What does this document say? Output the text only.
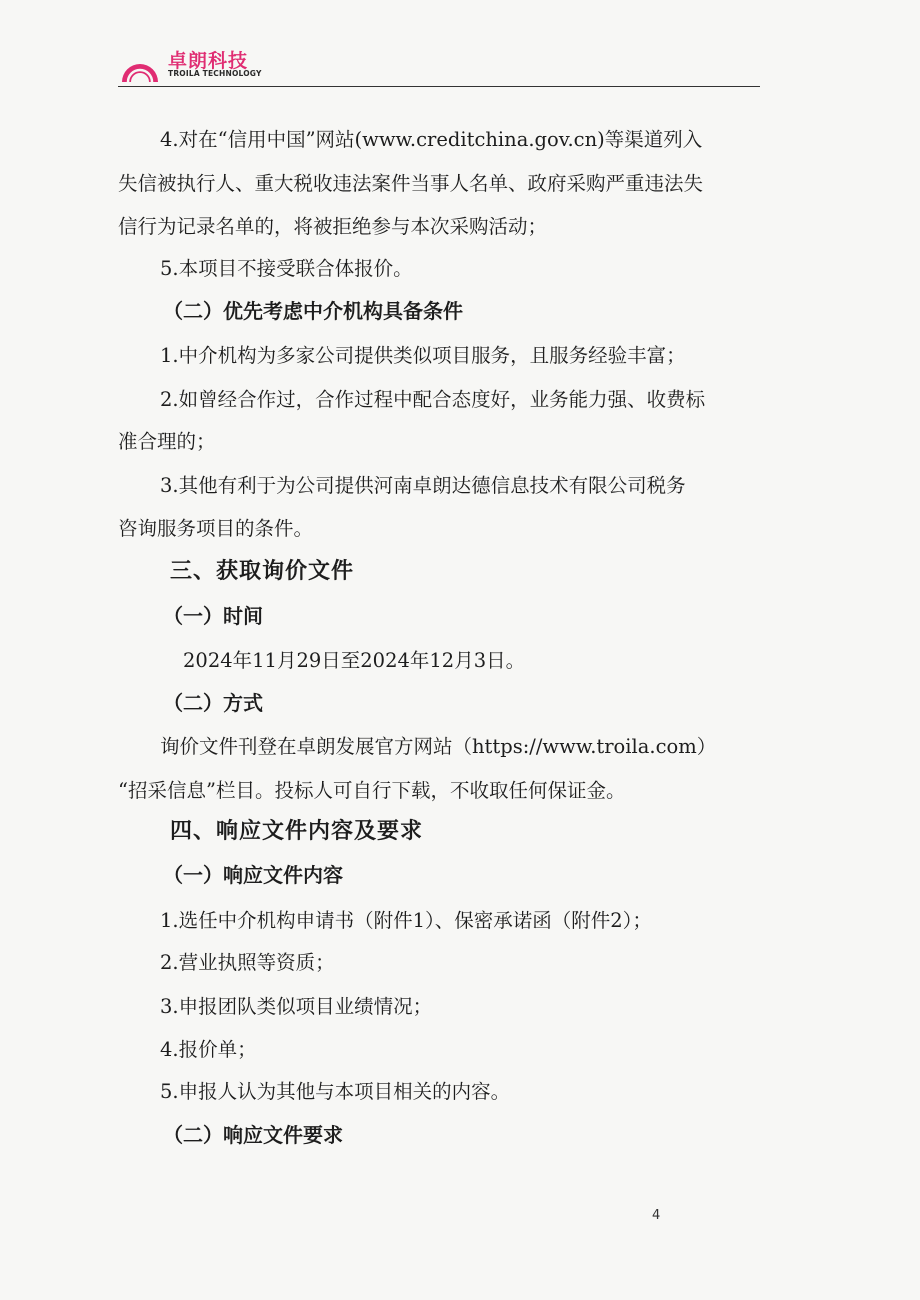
卓朗科技
TROILA TECHNOLOGY
4.对在“信用中国”网站(www.creditchina.gov.cn)等渠道列入
失信被执行人、重大税收违法案件当事人名单、政府采购严重违法失
信行为记录名单的，将被拒绝参与本次采购活动；
5.本项目不接受联合体报价。
（二）优先考虑中介机构具备条件
1.中介机构为多家公司提供类似项目服务，且服务经验丰富；
2.如曾经合作过，合作过程中配合态度好，业务能力强、收费标
准合理的；
3.其他有利于为公司提供河南卓朗达德信息技术有限公司税务
咨询服务项目的条件。
三、获取询价文件
（一）时间
2024年11月29日至2024年12月3日。
（二）方式
询价文件刊登在卓朗发展官方网站（https://www.troila.com）
“招采信息”栏目。投标人可自行下载，不收取任何保证金。
四、响应文件内容及要求
（一）响应文件内容
1.选任中介机构申请书（附件1）、保密承诺函（附件2）；
2.营业执照等资质；
3.申报团队类似项目业绩情况；
4.报价单；
5.申报人认为其他与本项目相关的内容。
（二）响应文件要求
4
